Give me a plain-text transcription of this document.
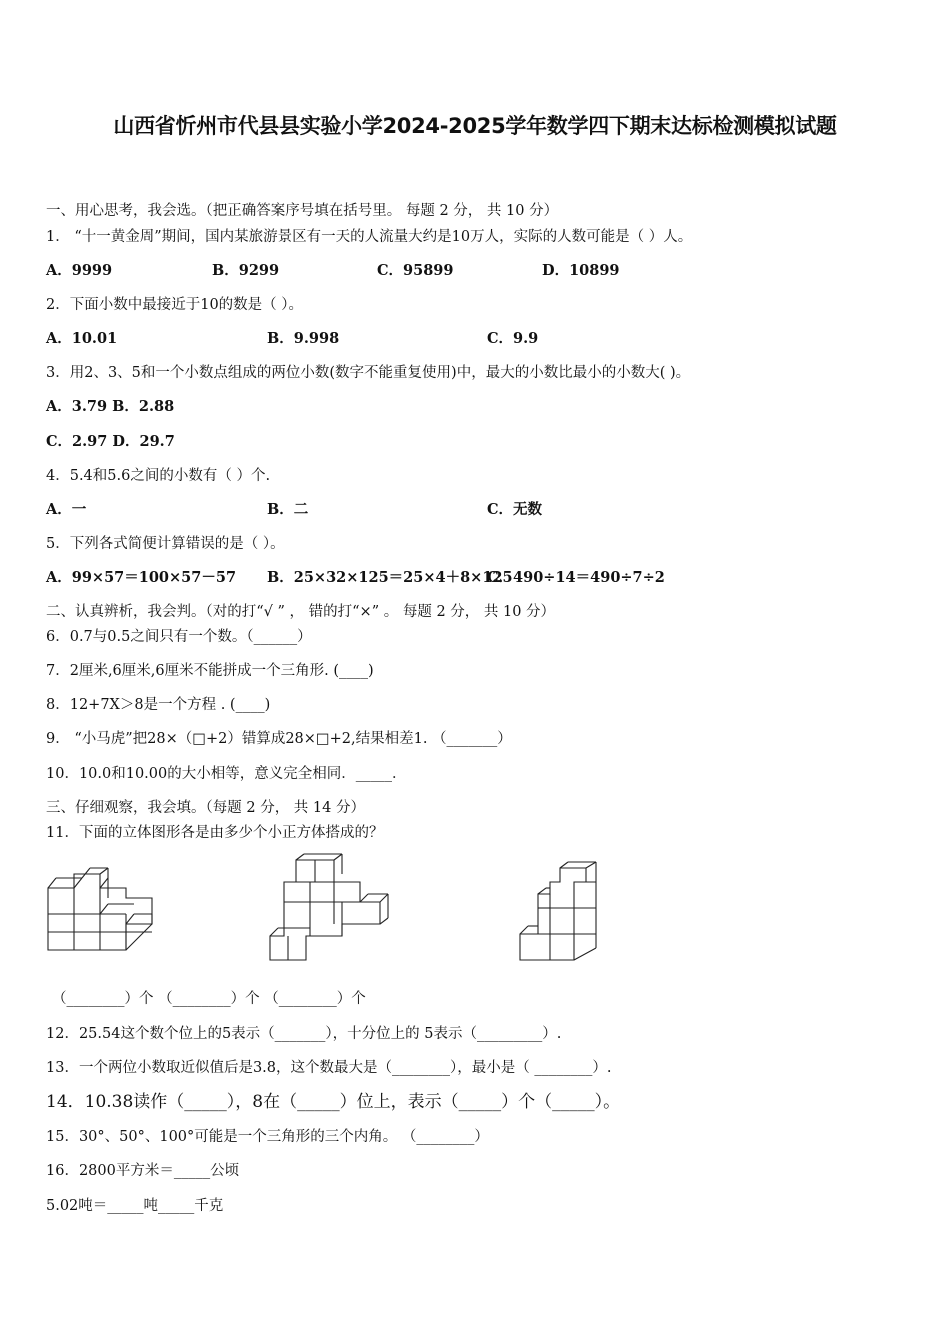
山西省忻州市代县县实验小学2024-2025学年数学四下期末达标检测模拟试题
一、用心思考，我会选。（把正确答案序号填在括号里。 每题 2 分， 共 10 分）
1． “十一黄金周”期间，国内某旅游景区有一天的人流量大约是10万人，实际的人数可能是（ ）人。
A．9999	B．9299	C．95899	D．10899
2．下面小数中最接近于10的数是（ ）。
A．10.01	B．9.998	C．9.9
3．用2、3、5和一个小数点组成的两位小数(数字不能重复使用)中，最大的小数比最小的小数大( )。
A．3.79 B．2.88
C．2.97 D．29.7
4．5.4和5.6之间的小数有（ ）个.
A．一	B．二	C．无数
5．下列各式简便计算错误的是（ ）。
A．99×57＝100×57－57 B．25×32×125＝25×4＋8×125
C．490÷14＝490÷7÷2
二、认真辨析，我会判。（对的打“√ ” ， 错的打“×” 。 每题 2 分， 共 10 分）
6．0.7与0.5之间只有一个数。（______）
7．2厘米,6厘米,6厘米不能拼成一个三角形. (____)
8．12+7X＞8是一个方程 . (____)
9． “小马虎”把28×（□+2）错算成28×□+2,结果相差1. （_______）
10．10.0和10.00的大小相等，意义完全相同．_____．
三、仔细观察，我会填。（每题 2 分， 共 14 分）
11．下面的立体图形各是由多少个小正方体搭成的？
（________）个 （________）个 （________）个
12．25.54这个数个位上的5表示（_______），十分位上的 5表示（_________）.
13．一个两位小数取近似值后是3.8，这个数最大是（________），最小是（ ________）.
14．10.38读作（_____），8在（_____）位上，表示（_____）个（_____）。
15．30°、50°、100°可能是一个三角形的三个内角。 （________）
16．2800平方米＝_____公顷
5.02吨＝_____吨_____千克
